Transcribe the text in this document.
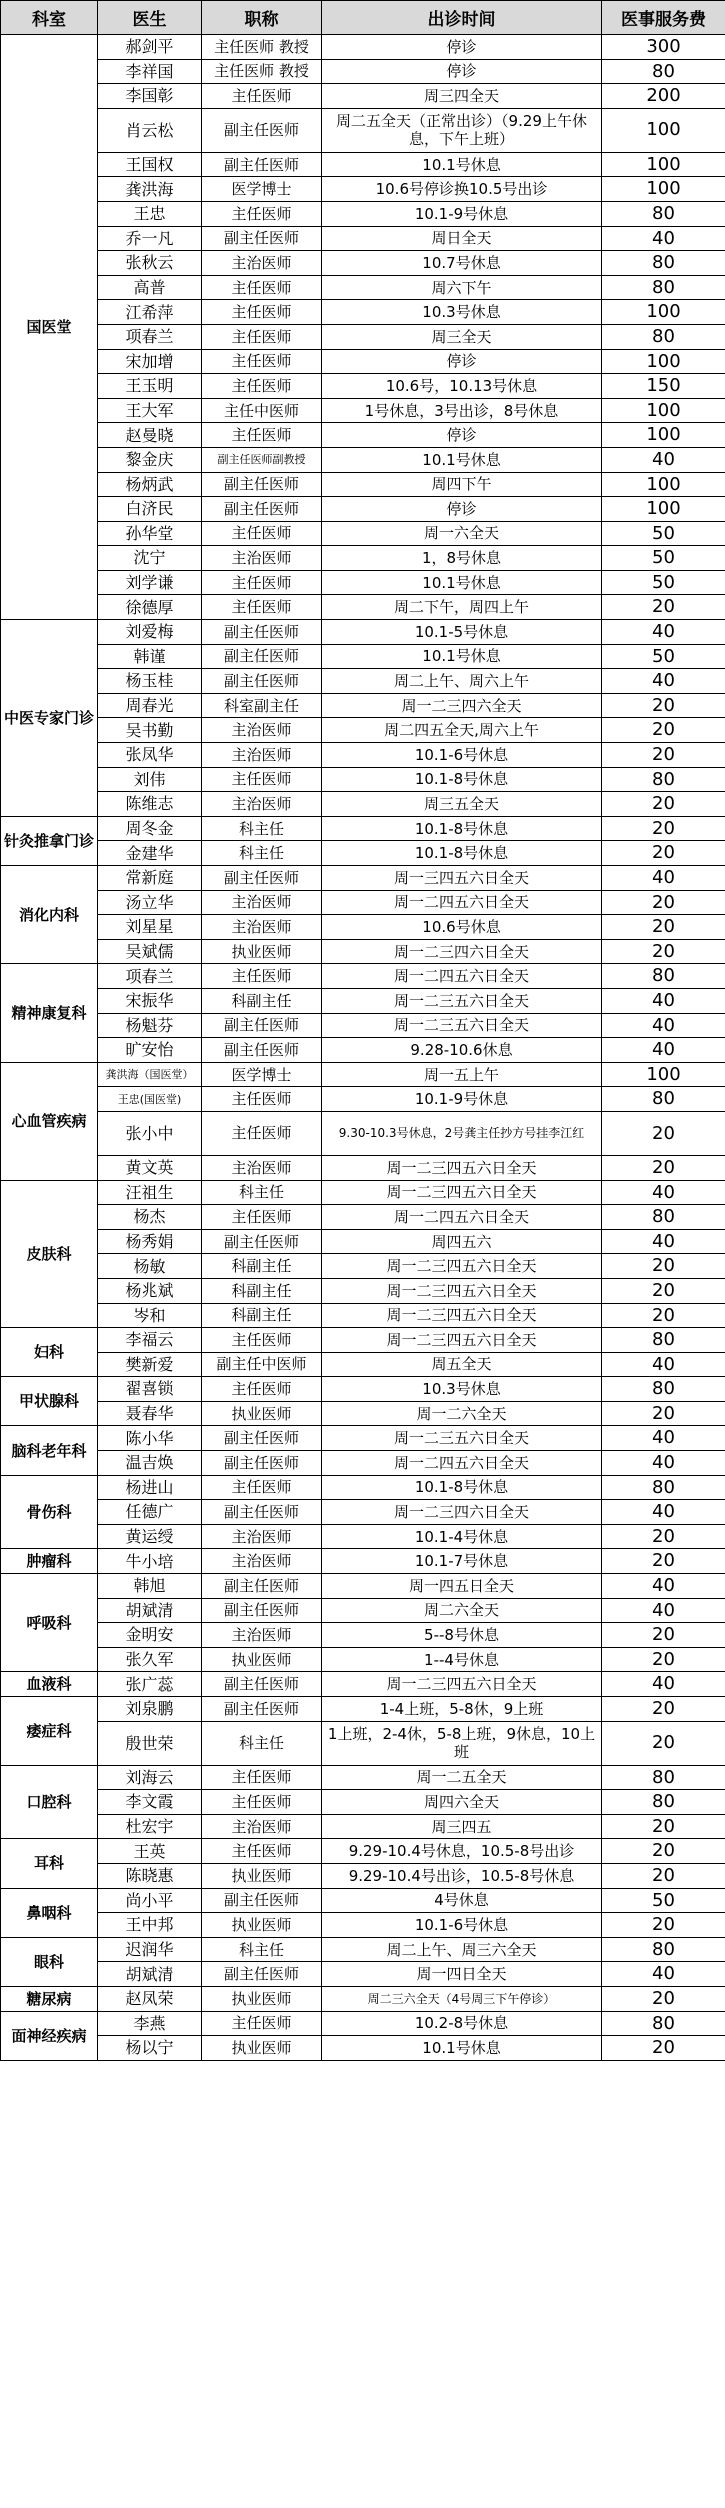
科室	医生	职称	出诊时间	医事服务费
国医堂	郝剑平	主任医师 教授	停诊	300
	李祥国	主任医师 教授	停诊	80
	李国彰	主任医师	周三四全天	200
	肖云松	副主任医师	周二五全天（正常出诊）（9.29上午休息，下午上班）	100
	王国权	副主任医师	10.1号休息	100
	龚洪海	医学博士	10.6号停诊换10.5号出诊	100
	王忠	主任医师	10.1-9号休息	80
	乔一凡	副主任医师	周日全天	40
	张秋云	主治医师	10.7号休息	80
	高普	主任医师	周六下午	80
	江希萍	主任医师	10.3号休息	100
	项春兰	主任医师	周三全天	80
	宋加增	主任医师	停诊	100
	王玉明	主任医师	10.6号，10.13号休息	150
	王大军	主任中医师	1号休息，3号出诊，8号休息	100
	赵曼晓	主任医师	停诊	100
	黎金庆	副主任医师副教授	10.1号休息	40
	杨炳武	副主任医师	周四下午	100
	白济民	副主任医师	停诊	100
	孙华堂	主任医师	周一六全天	50
	沈宁	主治医师	1，8号休息	50
	刘学谦	主任医师	10.1号休息	50
	徐德厚	主任医师	周二下午，周四上午	20
中医专家门诊	刘爱梅	副主任医师	10.1-5号休息	40
	韩谨	副主任医师	10.1号休息	50
	杨玉桂	副主任医师	周二上午、周六上午	40
	周春光	科室副主任	周一二三四六全天	20
	吴书勤	主治医师	周二四五全天,周六上午	20
	张凤华	主治医师	10.1-6号休息	20
	刘伟	主任医师	10.1-8号休息	80
	陈维志	主治医师	周三五全天	20
针灸推拿门诊	周冬金	科主任	10.1-8号休息	20
	金建华	科主任	10.1-8号休息	20
消化内科	常新庭	副主任医师	周一三四五六日全天	40
	汤立华	主治医师	周一二四五六日全天	20
	刘星星	主治医师	10.6号休息	20
	吴斌儒	执业医师	周一二三四六日全天	20
精神康复科	项春兰	主任医师	周一二四五六日全天	80
	宋振华	科副主任	周一二三五六日全天	40
	杨魁芬	副主任医师	周一二三五六日全天	40
	旷安怡	副主任医师	9.28-10.6休息	40
心血管疾病	龚洪海（国医堂）	医学博士	周一五上午	100
	王忠(国医堂)	主任医师	10.1-9号休息	80
	张小中	主任医师	9.30-10.3号休息，2号龚主任抄方号挂李江红	20
	黄文英	主治医师	周一二三四五六日全天	20
皮肤科	汪祖生	科主任	周一二三四五六日全天	40
	杨杰	主任医师	周一二四五六日全天	80
	杨秀娟	副主任医师	周四五六	40
	杨敏	科副主任	周一二三四五六日全天	20
	杨兆斌	科副主任	周一二三四五六日全天	20
	岑和	科副主任	周一二三四五六日全天	20
妇科	李福云	主任医师	周一二三四五六日全天	80
	樊新爱	副主任中医师	周五全天	40
甲状腺科	翟喜锁	主任医师	10.3号休息	80
	聂春华	执业医师	周一二六全天	20
脑科老年科	陈小华	副主任医师	周一二三五六日全天	40
	温吉焕	副主任医师	周一二四五六日全天	40
骨伤科	杨进山	主任医师	10.1-8号休息	80
	任德广	副主任医师	周一二三四六日全天	40
	黄运绶	主治医师	10.1-4号休息	20
肿瘤科	牛小培	主治医师	10.1-7号休息	20
呼吸科	韩旭	副主任医师	周一四五日全天	40
	胡斌清	副主任医师	周二六全天	40
	金明安	主治医师	5--8号休息	20
	张久军	执业医师	1--4号休息	20
血液科	张广蕊	副主任医师	周一二三四五六日全天	40
痿症科	刘泉鹏	副主任医师	1-4上班，5-8休，9上班	20
	殷世荣	科主任	1上班，2-4休，5-8上班，9休息，10上班	20
口腔科	刘海云	主任医师	周一二五全天	80
	李文霞	主任医师	周四六全天	80
	杜宏宇	主治医师	周三四五	20
耳科	王英	主任医师	9.29-10.4号休息，10.5-8号出诊	20
	陈晓惠	执业医师	9.29-10.4号出诊，10.5-8号休息	20
鼻咽科	尚小平	副主任医师	4号休息	50
	王中邦	执业医师	10.1-6号休息	20
眼科	迟润华	科主任	周二上午、周三六全天	80
	胡斌清	副主任医师	周一四日全天	40
糖尿病	赵凤荣	执业医师	周二三六全天（4号周三下午停诊）	20
面神经疾病	李燕	主任医师	10.2-8号休息	80
	杨以宁	执业医师	10.1号休息	20
